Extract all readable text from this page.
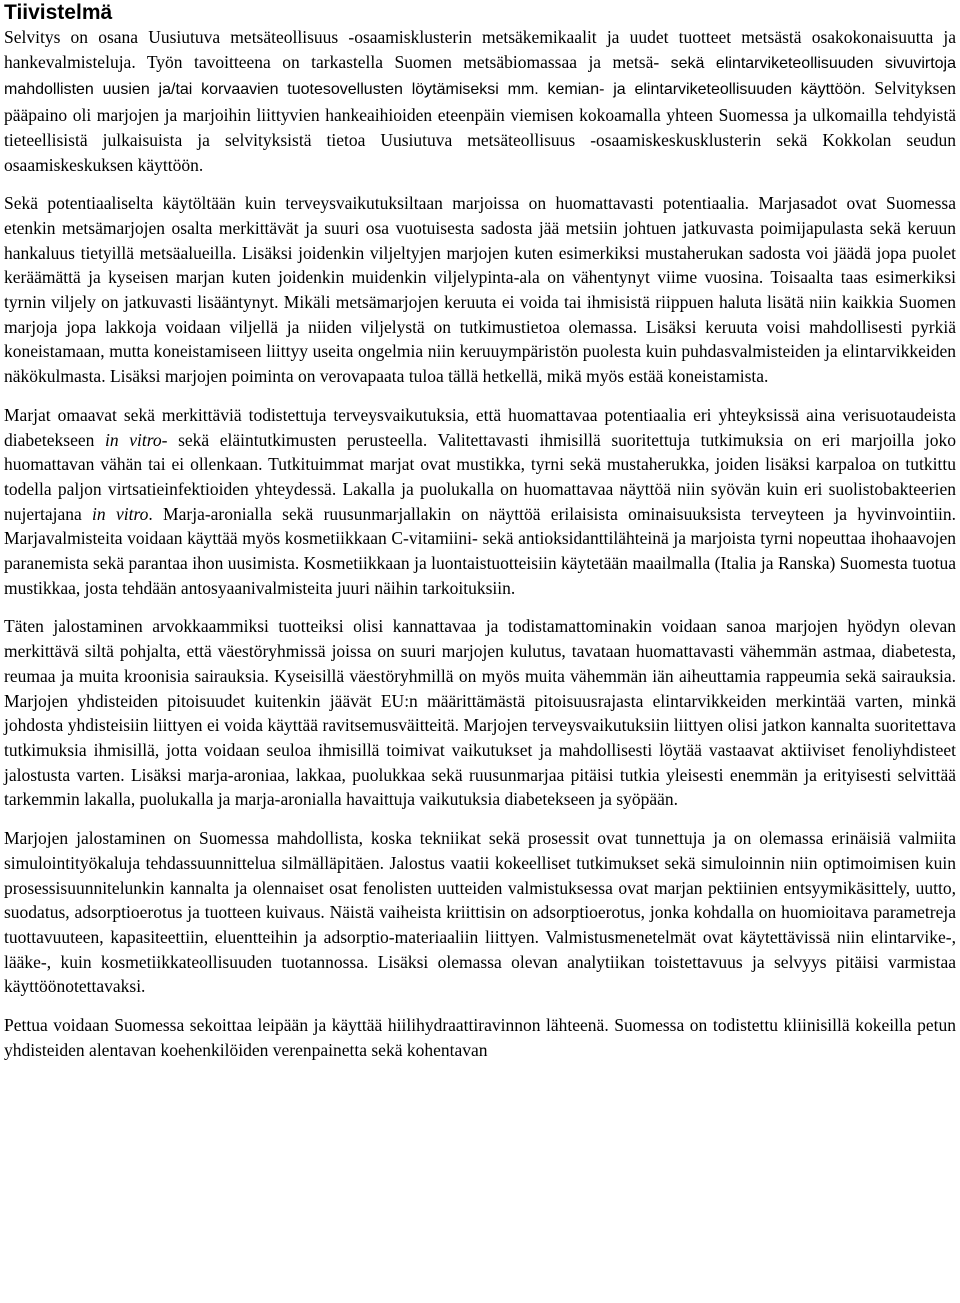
Tiivistelmä

Selvitys on osana Uusiutuva metsäteollisuus -osaamisklusterin metsäkemikaalit ja uudet tuotteet metsästä osakokonaisuutta ja hankevalmisteluja. Työn tavoitteena on tarkastella Suomen metsäbiomassaa ja metsä- sekä elintarviketeollisuuden sivuvirtoja mahdollisten uusien ja/tai korvaavien tuotesovellusten löytämiseksi mm. kemian- ja elintarviketeollisuuden käyttöön. Selvityksen pääpaino oli marjojen ja marjoihin liittyvien hankeaihioiden eteenpäin viemisen kokoamalla yhteen Suomessa ja ulkomailla tehdyistä tieteellisistä julkaisuista ja selvityksistä tietoa Uusiutuva metsäteollisuus -osaamiskeskusklusterin sekä Kokkolan seudun osaamiskeskuksen käyttöön.

Sekä potentiaaliselta käytöltään kuin terveysvaikutuksiltaan marjoissa on huomattavasti potentiaalia. Marjasadot ovat Suomessa etenkin metsämarjojen osalta merkittävät ja suuri osa vuotuisesta sadosta jää metsiin johtuen jatkuvasta poimijapulasta sekä keruun hankaluus tietyillä metsäalueilla. Lisäksi joidenkin viljeltyjen marjojen kuten esimerkiksi mustaherukan sadosta voi jäädä jopa puolet keräämättä ja kyseisen marjan kuten joidenkin muidenkin viljelypinta-ala on vähentynyt viime vuosina. Toisaalta taas esimerkiksi tyrnin viljely on jatkuvasti lisääntynyt. Mikäli metsämarjojen keruuta ei voida tai ihmisistä riippuen haluta lisätä niin kaikkia Suomen marjoja jopa lakkoja voidaan viljellä ja niiden viljelystä on tutkimustietoa olemassa. Lisäksi keruuta voisi mahdollisesti pyrkiä koneistamaan, mutta koneistamiseen liittyy useita ongelmia niin keruuympäristön puolesta kuin puhdasvalmisteiden ja elintarvikkeiden näkökulmasta. Lisäksi marjojen poiminta on verovapaata tuloa tällä hetkellä, mikä myös estää koneistamista.

Marjat omaavat sekä merkittäviä todistettuja terveysvaikutuksia, että huomattavaa potentiaalia eri yhteyksissä aina verisuotaudeista diabetekseen in vitro- sekä eläintutkimusten perusteella. Valitettavasti ihmisillä suoritettuja tutkimuksia on eri marjoilla joko huomattavan vähän tai ei ollenkaan. Tutkituimmat marjat ovat mustikka, tyrni sekä mustaherukka, joiden lisäksi karpaloa on tutkittu todella paljon virtsatieinfektioiden yhteydessä. Lakalla ja puolukalla on huomattavaa näyttöä niin syövän kuin eri suolistobakteerien nujertajana in vitro. Marja-aronialla sekä ruusunmarjallakin on näyttöä erilaisista ominaisuuksista terveyteen ja hyvinvointiin. Marjavalmisteita voidaan käyttää myös kosmetiikkaan C-vitamiini- sekä antioksidanttilähteinä ja marjoista tyrni nopeuttaa ihohaavojen paranemista sekä parantaa ihon uusimista. Kosmetiikkaan ja luontaistuotteisiin käytetään maailmalla (Italia ja Ranska) Suomesta tuotua mustikkaa, josta tehdään antosyaanivalmisteita juuri näihin tarkoituksiin.

Täten jalostaminen arvokkaammiksi tuotteiksi olisi kannattavaa ja todistamattominakin voidaan sanoa marjojen hyödyn olevan merkittävä siltä pohjalta, että väestöryhmissä joissa on suuri marjojen kulutus, tavataan huomattavasti vähemmän astmaa, diabetesta, reumaa ja muita kroonisia sairauksia. Kyseisillä väestöryhmillä on myös muita vähemmän iän aiheuttamia rappeumia sekä sairauksia. Marjojen yhdisteiden pitoisuudet kuitenkin jäävät EU:n määrittämästä pitoisuusrajasta elintarvikkeiden merkintää varten, minkä johdosta yhdisteisiin liittyen ei voida käyttää ravitsemusväitteitä. Marjojen terveysvaikutuksiin liittyen olisi jatkon kannalta suoritettava tutkimuksia ihmisillä, jotta voidaan seuloa ihmisillä toimivat vaikutukset ja mahdollisesti löytää vastaavat aktiiviset fenoliyhdisteet jalostusta varten. Lisäksi marja-aroniaa, lakkaa, puolukkaa sekä ruusunmarjaa pitäisi tutkia yleisesti enemmän ja erityisesti selvittää tarkemmin lakalla, puolukalla ja marja-aronialla havaittuja vaikutuksia diabetekseen ja syöpään.

Marjojen jalostaminen on Suomessa mahdollista, koska tekniikat sekä prosessit ovat tunnettuja ja on olemassa erinäisiä valmiita simulointityökaluja tehdassuunnittelua silmälläpitäen. Jalostus vaatii kokeelliset tutkimukset sekä simuloinnin niin optimoimisen kuin prosessisuunnitelunkin kannalta ja olennaiset osat fenolisten uutteiden valmistuksessa ovat marjan pektiinien entsyymikäsittely, uutto, suodatus, adsorptioerotus ja tuotteen kuivaus. Näistä vaiheista kriittisin on adsorptioerotus, jonka kohdalla on huomioitava parametreja tuottavuuteen, kapasiteettiin, eluentteihin ja adsorptio-materiaaliin liittyen. Valmistusmenetelmät ovat käytettävissä niin elintarvike-, lääke-, kuin kosmetiikkateollisuuden tuotannossa. Lisäksi olemassa olevan analytiikan toistettavuus ja selvyys pitäisi varmistaa käyttöönotettavaksi.

Pettua voidaan Suomessa sekoittaa leipään ja käyttää hiilihydraattiravinnon lähteenä. Suomessa on todistettu kliinisillä kokeilla petun yhdisteiden alentavan koehenkilöiden verenpainetta sekä kohentavan
